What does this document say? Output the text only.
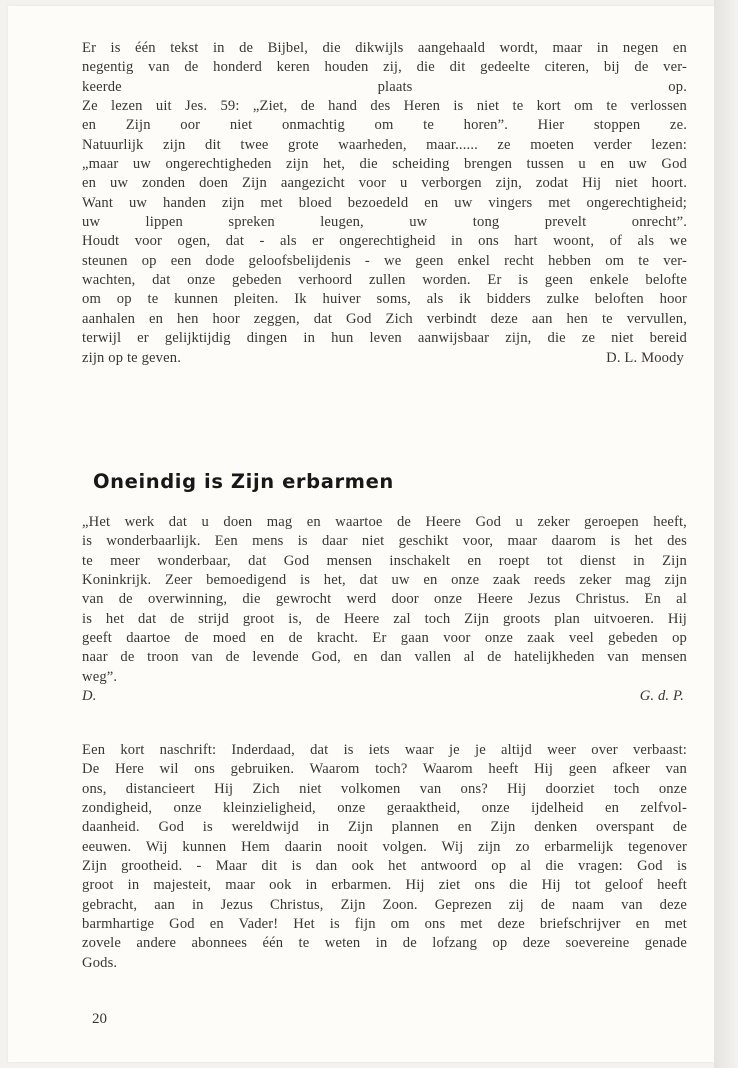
Er is één tekst in de Bijbel, die dikwijls aangehaald wordt, maar in negen en
negentig van de honderd keren houden zij, die dit gedeelte citeren, bij de ver-
keerde plaats op.
Ze lezen uit Jes. 59: „Ziet, de hand des Heren is niet te kort om te verlossen
en Zijn oor niet onmachtig om te horen”. Hier stoppen ze.
Natuurlijk zijn dit twee grote waarheden, maar...... ze moeten verder lezen:
„maar uw ongerechtigheden zijn het, die scheiding brengen tussen u en uw God
en uw zonden doen Zijn aangezicht voor u verborgen zijn, zodat Hij niet hoort.
Want uw handen zijn met bloed bezoedeld en uw vingers met ongerechtigheid;
uw lippen spreken leugen, uw tong prevelt onrecht”.
Houdt voor ogen, dat - als er ongerechtigheid in ons hart woont, of als we
steunen op een dode geloofsbelijdenis - we geen enkel recht hebben om te ver-
wachten, dat onze gebeden verhoord zullen worden. Er is geen enkele belofte
om op te kunnen pleiten. Ik huiver soms, als ik bidders zulke beloften hoor
aanhalen en hen hoor zeggen, dat God Zich verbindt deze aan hen te vervullen,
terwijl er gelijktijdig dingen in hun leven aanwijsbaar zijn, die ze niet bereid
zijn op te geven.	D. L. Moody
Oneindig is Zijn erbarmen
„Het werk dat u doen mag en waartoe de Heere God u zeker geroepen heeft,
is wonderbaarlijk. Een mens is daar niet geschikt voor, maar daarom is het des
te meer wonderbaar, dat God mensen inschakelt en roept tot dienst in Zijn
Koninkrijk. Zeer bemoedigend is het, dat uw en onze zaak reeds zeker mag zijn
van de overwinning, die gewrocht werd door onze Heere Jezus Christus. En al
is het dat de strijd groot is, de Heere zal toch Zijn groots plan uitvoeren. Hij
geeft daartoe de moed en de kracht. Er gaan voor onze zaak veel gebeden op
naar de troon van de levende God, en dan vallen al de hatelijkheden van mensen
weg”.
D.	G. d. P.
Een kort naschrift: Inderdaad, dat is iets waar je je altijd weer over verbaast:
De Here wil ons gebruiken. Waarom toch? Waarom heeft Hij geen afkeer van
ons, distancieert Hij Zich niet volkomen van ons? Hij doorziet toch onze
zondigheid, onze kleinzieligheid, onze geraaktheid, onze ijdelheid en zelfvol-
daanheid. God is wereldwijd in Zijn plannen en Zijn denken overspant de
eeuwen. Wij kunnen Hem daarin nooit volgen. Wij zijn zo erbarmelijk tegenover
Zijn grootheid. - Maar dit is dan ook het antwoord op al die vragen: God is
groot in majesteit, maar ook in erbarmen. Hij ziet ons die Hij tot geloof heeft
gebracht, aan in Jezus Christus, Zijn Zoon. Geprezen zij de naam van deze
barmhartige God en Vader! Het is fijn om ons met deze briefschrijver en met
zovele andere abonnees één te weten in de lofzang op deze soevereine genade
Gods.
20
